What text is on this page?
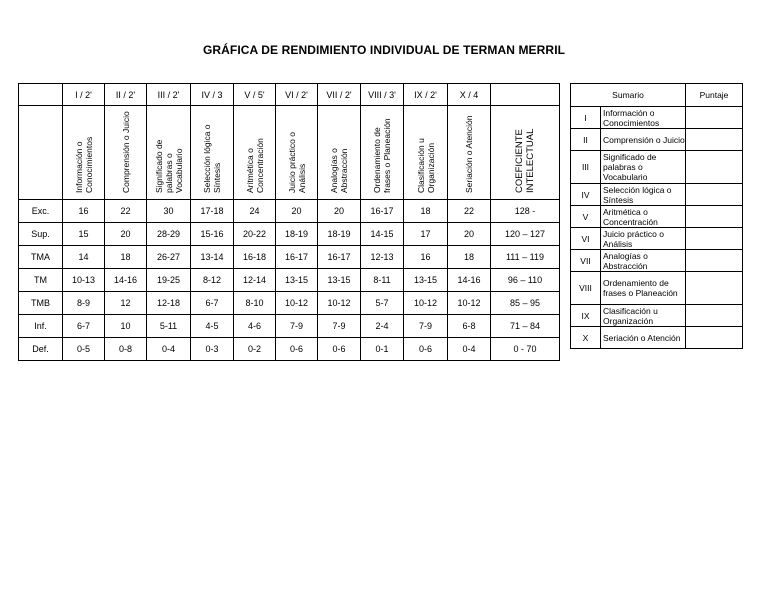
GRÁFICA DE RENDIMIENTO INDIVIDUAL DE TERMAN MERRIL
	I / 2'	II / 2'	III / 2'	IV / 3	V / 5'	VI / 2'	VII / 2'	VIII / 3'	IX / 2'	X / 4	

	Información o Conocimientos	Comprensión o Juicio	Significado de palabras o Vocabulario	Selección lógica o Síntesis	Aritmética o Concentración	Juicio práctico o Análisis	Analogías o Abstracción	Ordenamiento de frases o Planeación	Clasificación u Organización	Seriación o Atención	COEFICIENTE INTELECTUAL

Exc.	16	22	30	17-18	24	20	20	16-17	18	22	128 -
Sup.	15	20	28-29	15-16	20-22	18-19	18-19	14-15	17	20	120 – 127
TMA	14	18	26-27	13-14	16-18	16-17	16-17	12-13	16	18	111 – 119
TM	10-13	14-16	19-25	8-12	12-14	13-15	13-15	8-11	13-15	14-16	96 – 110
TMB	8-9	12	12-18	6-7	8-10	10-12	10-12	5-7	10-12	10-12	85 – 95
Inf.	6-7	10	5-11	4-5	4-6	7-9	7-9	2-4	7-9	6-8	71 – 84
Def.	0-5	0-8	0-4	0-3	0-2	0-6	0-6	0-1	0-6	0-4	0 - 70
Sumario		Puntaje
I	Información o Conocimientos	
II	Comprensión o Juicio	
III	Significado de palabras o Vocabulario	
IV	Selección lógica o Síntesis	
V	Aritmética o Concentración	
VI	Juicio práctico o Análisis	
VII	Analogías o Abstracción	
VIII	Ordenamiento de frases o Planeación	
IX	Clasificación u Organización	
X	Seriación o Atención	
